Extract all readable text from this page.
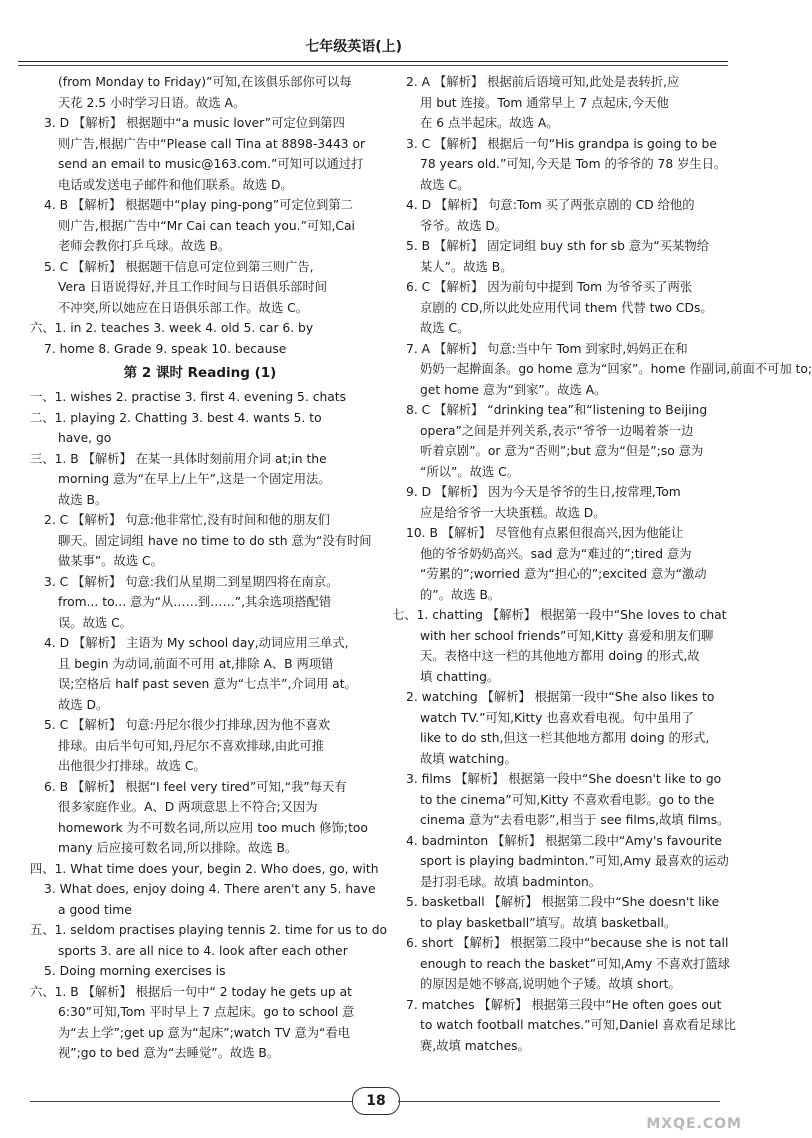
七年级英语(上)
(from Monday to Friday)”可知,在该俱乐部你可以每
天花 2.5 小时学习日语。故选 A。
3. D 【解析】 根据题中“a music lover”可定位到第四
则广告,根据广告中“Please call Tina at 8898-3443 or
send an email to music@163.com.”可知可以通过打
电话或发送电子邮件和他们联系。故选 D。
4. B 【解析】 根据题中“play ping-pong”可定位到第二
则广告,根据广告中“Mr Cai can teach you.”可知,Cai
老师会教你打乒乓球。故选 B。
5. C 【解析】 根据题干信息可定位到第三则广告,
Vera 日语说得好,并且工作时间与日语俱乐部时间
不冲突,所以她应在日语俱乐部工作。故选 C。
六、1. in 2. teaches 3. week 4. old 5. car 6. by
7. home 8. Grade 9. speak 10. because
第 2 课时 Reading (1)
一、1. wishes 2. practise 3. first 4. evening 5. chats
二、1. playing 2. Chatting 3. best 4. wants 5. to
have, go
三、1. B 【解析】 在某一具体时刻前用介词 at;in the
morning 意为“在早上/上午”,这是一个固定用法。
故选 B。
2. C 【解析】 句意:他非常忙,没有时间和他的朋友们
聊天。固定词组 have no time to do sth 意为“没有时间
做某事”。故选 C。
3. C 【解析】 句意:我们从星期二到星期四将在南京。
from... to... 意为“从……到……”,其余选项搭配错
误。故选 C。
4. D 【解析】 主语为 My school day,动词应用三单式,
且 begin 为动词,前面不可用 at,排除 A、B 两项错
误;空格后 half past seven 意为“七点半”,介词用 at。
故选 D。
5. C 【解析】 句意:丹尼尔很少打排球,因为他不喜欢
排球。由后半句可知,丹尼尔不喜欢排球,由此可推
出他很少打排球。故选 C。
6. B 【解析】 根据“I feel very tired”可知,“我”每天有
很多家庭作业。A、D 两项意思上不符合;又因为
homework 为不可数名词,所以应用 too much 修饰;too
many 后应接可数名词,所以排除。故选 B。
四、1. What time does your, begin 2. Who does, go, with
3. What does, enjoy doing 4. There aren't any 5. have
a good time
五、1. seldom practises playing tennis 2. time for us to do
sports 3. are all nice to 4. look after each other
5. Doing morning exercises is
六、1. B 【解析】 根据后一句中“ 2 today he gets up at
6:30”可知,Tom 平时早上 7 点起床。go to school 意
为“去上学”;get up 意为“起床”;watch TV 意为“看电
视”;go to bed 意为“去睡觉”。故选 B。
2. A 【解析】 根据前后语境可知,此处是表转折,应
用 but 连接。Tom 通常早上 7 点起床,今天他
在 6 点半起床。故选 A。
3. C 【解析】 根据后一句“His grandpa is going to be
78 years old.”可知,今天是 Tom 的爷爷的 78 岁生日。
故选 C。
4. D 【解析】 句意:Tom 买了两张京剧的 CD 给他的
爷爷。故选 D。
5. B 【解析】 固定词组 buy sth for sb 意为“买某物给
某人”。故选 B。
6. C 【解析】 因为前句中提到 Tom 为爷爷买了两张
京剧的 CD,所以此处应用代词 them 代替 two CDs。
故选 C。
7. A 【解析】 句意:当中午 Tom 到家时,妈妈正在和
奶奶一起擀面条。go home 意为“回家”。home 作副词,前面不可加 to;
get home 意为“到家”。故选 A。
8. C 【解析】 “drinking tea”和“listening to Beijing
opera”之间是并列关系,表示“爷爷一边喝着茶一边
听着京剧”。or 意为“否则”;but 意为“但是”;so 意为
“所以”。故选 C。
9. D 【解析】 因为今天是爷爷的生日,按常理,Tom
应是给爷爷一大块蛋糕。故选 D。
10. B 【解析】 尽管他有点累但很高兴,因为他能让
他的爷爷奶奶高兴。sad 意为“难过的”;tired 意为
“劳累的”;worried 意为“担心的”;excited 意为“激动
的”。故选 B。
七、1. chatting 【解析】 根据第一段中“She loves to chat
with her school friends”可知,Kitty 喜爱和朋友们聊
天。表格中这一栏的其他地方都用 doing 的形式,故
填 chatting。
2. watching 【解析】 根据第一段中“She also likes to
watch TV.”可知,Kitty 也喜欢看电视。句中虽用了
like to do sth,但这一栏其他地方都用 doing 的形式,
故填 watching。
3. films 【解析】 根据第一段中“She doesn't like to go
to the cinema”可知,Kitty 不喜欢看电影。go to the
cinema 意为“去看电影”,相当于 see films,故填 films。
4. badminton 【解析】 根据第二段中“Amy's favourite
sport is playing badminton.”可知,Amy 最喜欢的运动
是打羽毛球。故填 badminton。
5. basketball 【解析】 根据第二段中“She doesn't like
to play basketball”填写。故填 basketball。
6. short 【解析】 根据第二段中“because she is not tall
enough to reach the basket”可知,Amy 不喜欢打篮球
的原因是她不够高,说明她个子矮。故填 short。
7. matches 【解析】 根据第三段中“He often goes out
to watch football matches.”可知,Daniel 喜欢看足球比
赛,故填 matches。
18
MXQE.COM
